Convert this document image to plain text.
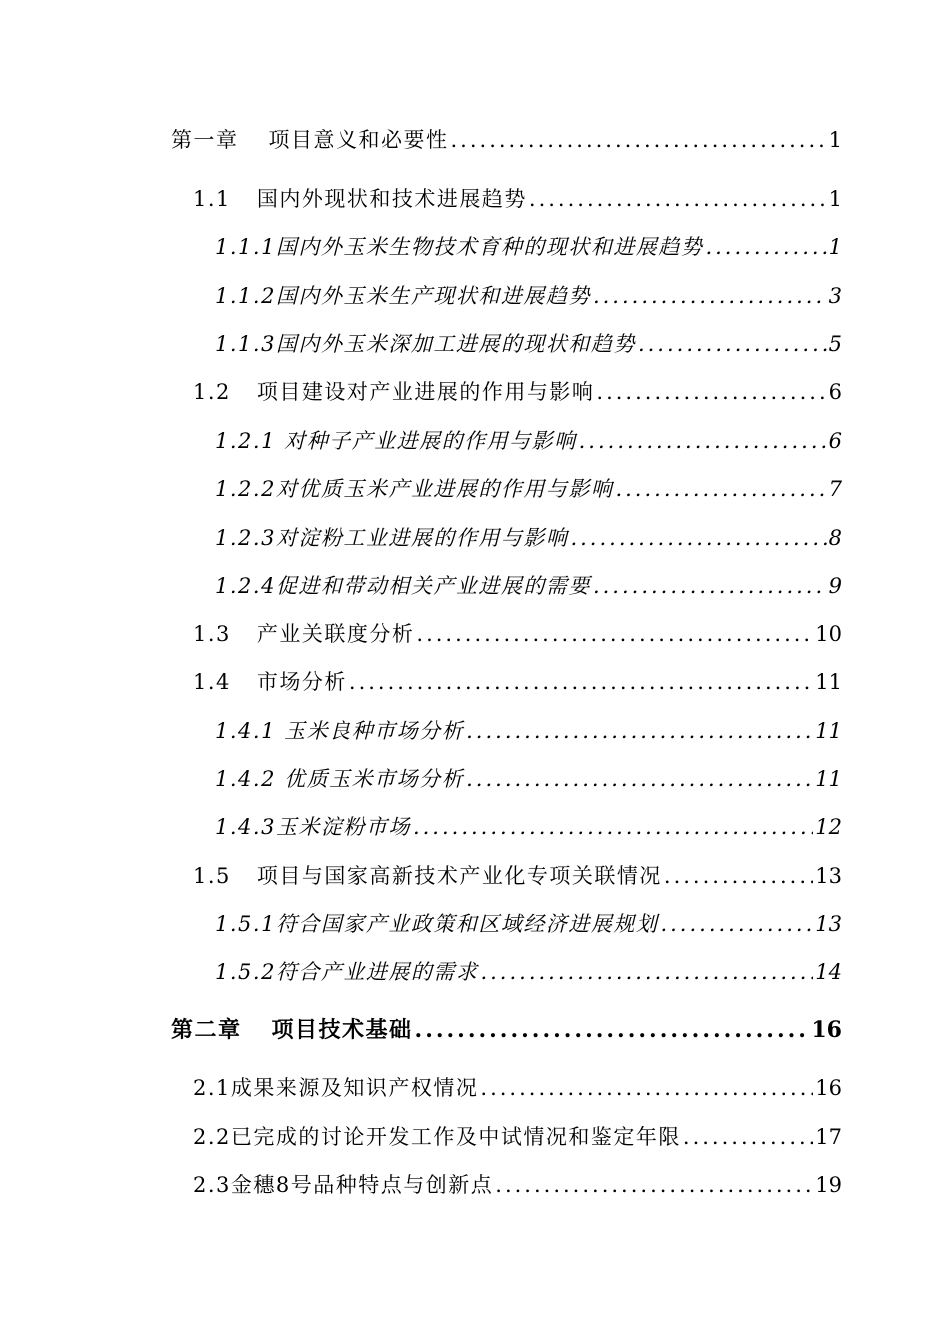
第一章 项目意义和必要性 .....	1
1.1 国内外现状和技术进展趋势 .....	1
1.1.1国内外玉米生物技术育种的现状和进展趋势 .....	1
1.1.2国内外玉米生产现状和进展趋势 .....	3
1.1.3国内外玉米深加工进展的现状和趋势 .....	5
1.2 项目建设对产业进展的作用与影响 .....	6
1.2.1 对种子产业进展的作用与影响 .....	6
1.2.2对优质玉米产业进展的作用与影响 .....	7
1.2.3对淀粉工业进展的作用与影响 .....	8
1.2.4促进和带动相关产业进展的需要 .....	9
1.3 产业关联度分析 .....	10
1.4 市场分析 .....	11
1.4.1 玉米良种市场分析 .....	11
1.4.2 优质玉米市场分析 .....	11
1.4.3玉米淀粉市场 .....	12
1.5 项目与国家高新技术产业化专项关联情况 .....	13
1.5.1符合国家产业政策和区域经济进展规划 .....	13
1.5.2符合产业进展的需求 .....	14
第二章 项目技术基础 .....	16
2.1成果来源及知识产权情况 .....	16
2.2已完成的讨论开发工作及中试情况和鉴定年限 .....	17
2.3金穗8号品种特点与创新点 .....	19
